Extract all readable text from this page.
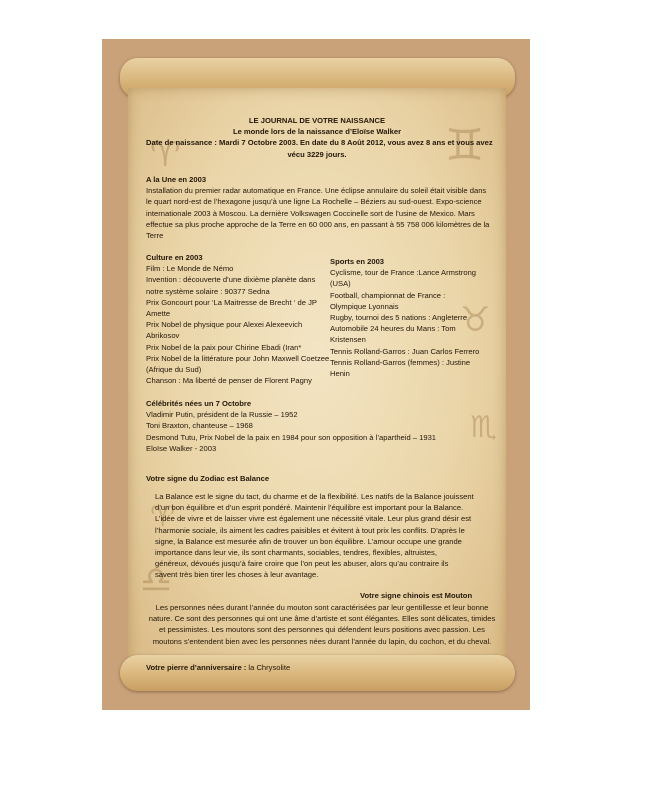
♊
♈
♉
♏
♎
♈
LE JOURNAL DE VOTRE NAISSANCE
Le monde lors de la naissance d’Eloïse Walker
Date de naissance : Mardi 7 Octobre 2003. En date du 8 Août 2012, vous avez 8 ans et vous avez
vécu 3229 jours.
A la Une en 2003
Installation du premier radar automatique en France. Une éclipse annulaire du soleil était visible dans
le quart nord-est de l’hexagone jusqu’à une ligne La Rochelle – Béziers au sud-ouest. Expo-science
internationale 2003 à Moscou. La dernière Volkswagen Coccinelle sort de l’usine de Mexico. Mars
effectue sa plus proche approche de la Terre en 60 000 ans, en passant à 55 758 006 kilomètres de la
Terre
Culture en 2003
Film : Le Monde de Némo
Invention : découverte d’une dixième planète dans
notre système solaire : 90377 Sedna
Prix Goncourt pour ‘La Maitresse de Brecht ‘ de JP
Amette
Prix Nobel de physique pour Alexei Alexeevich
Abrikosov
Prix Nobel de la paix pour Chirine Ebadi (Iran*
Prix Nobel de la littérature pour John Maxwell Coetzee
(Afrique du Sud)
Chanson : Ma liberté de penser de Florent Pagny
Sports en 2003
Cyclisme, tour de France :Lance Armstrong
(USA)
Football, championnat de France :
Olympique Lyonnais
Rugby, tournoi des 5 nations : Angleterre
Automobile 24 heures du Mans : Tom
Kristensen
Tennis Rolland-Garros : Juan Carlos Ferrero
Tennis Rolland-Garros (femmes) : Justine
Henin
Célébrités nées un 7 Octobre
Vladimir Putin, président de la Russie – 1952
Toni Braxton, chanteuse – 1968
Desmond Tutu, Prix Nobel de la paix en 1984 pour son opposition à l’apartheid – 1931
Eloïse Walker - 2003
Votre signe du Zodiac est Balance
La Balance est le signe du tact, du charme et de la flexibilité. Les natifs de la Balance jouissent
d’un bon équilibre et d’un esprit pondéré. Maintenir l’équilibre est important pour la Balance.
L’idée de vivre et de laisser vivre est également une nécessité vitale. Leur plus grand désir est
l’harmonie sociale, ils aiment les cadres paisibles et évitent à tout prix les conflits. D’après le
signe, la Balance est mesurée afin de trouver un bon équilibre. L’amour occupe une grande
importance dans leur vie, ils sont charmants, sociables, tendres, flexibles, altruistes,
généreux, dévoués jusqu’à faire croire que l’on peut les abuser, alors qu’au contraire ils
savent très bien tirer les choses à leur avantage.
Votre signe chinois est Mouton
Les personnes nées durant l’année du mouton sont caractérisées par leur gentillesse et leur bonne
nature. Ce sont des personnes qui ont une âme d’artiste et sont élégantes. Elles sont délicates, timides
et pessimistes. Les moutons sont des personnes qui défendent leurs positions avec passion. Les
moutons s’entendent bien avec les personnes nées durant l’année du lapin, du cochon, et du cheval.
Votre pierre d’anniversaire : la Chrysolite
